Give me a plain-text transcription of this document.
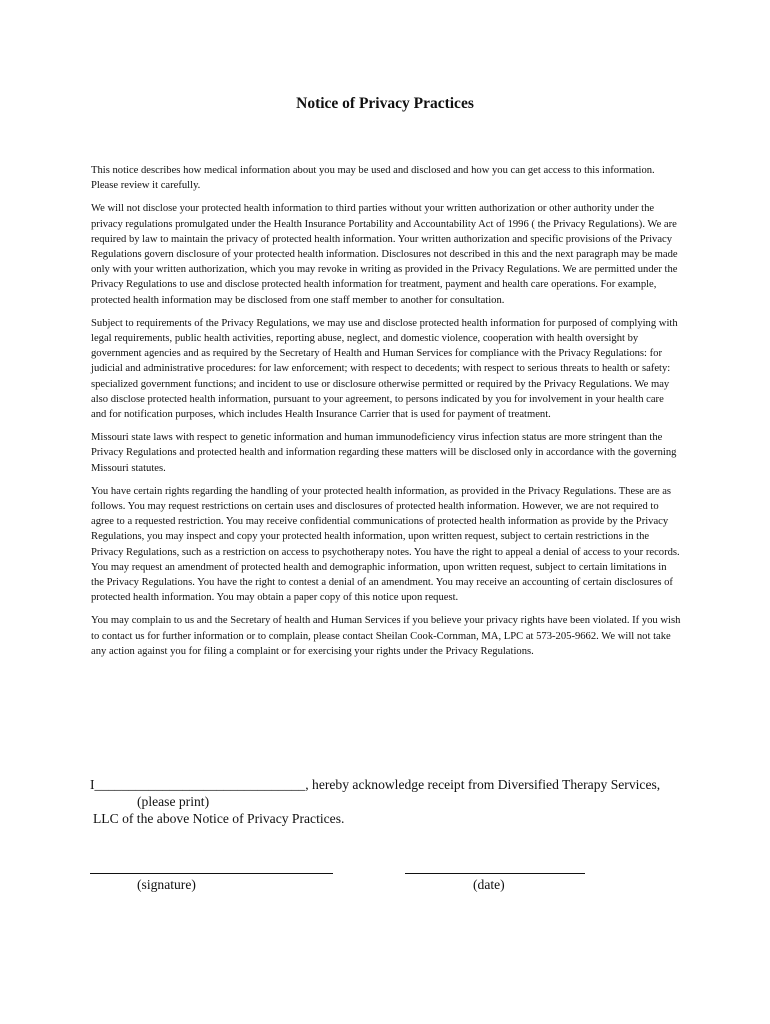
Notice of Privacy Practices

This notice describes how medical information about you may be used and disclosed and how you can get access to this information. Please review it carefully.

We will not disclose your protected health information to third parties without your written authorization or other authority under the privacy regulations promulgated under the Health Insurance Portability and Accountability Act of 1996 ( the Privacy Regulations). We are required by law to maintain the privacy of protected health information. Your written authorization and specific provisions of the Privacy Regulations govern disclosure of your protected health information. Disclosures not described in this and the next paragraph may be made only with your written authorization, which you may revoke in writing as provided in the Privacy Regulations. We are permitted under the Privacy Regulations to use and disclose protected health information for treatment, payment and health care operations. For example, protected health information may be disclosed from one staff member to another for consultation.

Subject to requirements of the Privacy Regulations, we may use and disclose protected health information for purposed of complying with legal requirements, public health activities, reporting abuse, neglect, and domestic violence, cooperation with health oversight by government agencies and as required by the Secretary of Health and Human Services for compliance with the Privacy Regulations: for judicial and administrative procedures: for law enforcement; with respect to decedents; with respect to serious threats to health or safety: specialized government functions; and incident to use or disclosure otherwise permitted or required by the Privacy Regulations. We may also disclose protected health information, pursuant to your agreement, to persons indicated by you for involvement in your health care and for notification purposes, which includes Health Insurance Carrier that is used for payment of treatment.

Missouri state laws with respect to genetic information and human immunodeficiency virus infection status are more stringent than the Privacy Regulations and protected health and information regarding these matters will be disclosed only in accordance with the governing Missouri statutes.

You have certain rights regarding the handling of your protected health information, as provided in the Privacy Regulations. These are as follows. You may request restrictions on certain uses and disclosures of protected health information. However, we are not required to agree to a requested restriction. You may receive confidential communications of protected health information as provide by the Privacy Regulations, you may inspect and copy your protected health information, upon written request, subject to certain restrictions in the Privacy Regulations, such as a restriction on access to psychotherapy notes. You have the right to appeal a denial of access to your records. You may request an amendment of protected health and demographic information, upon written request, subject to certain limitations in the Privacy Regulations. You have the right to contest a denial of an amendment. You may receive an accounting of certain disclosures of protected health information. You may obtain a paper copy of this notice upon request.

You may complain to us and the Secretary of health and Human Services if you believe your privacy rights have been violated. If you wish to contact us for further information or to complain, please contact Sheilan Cook-Cornman, MA, LPC at 573-205-9662. We will not take any action against you for filing a complaint or for exercising your rights under the Privacy Regulations.

I_______________________________, hereby acknowledge receipt from Diversified Therapy Services,
(please print)
LLC of the above Notice of Privacy Practices.
(signature)	(date)
